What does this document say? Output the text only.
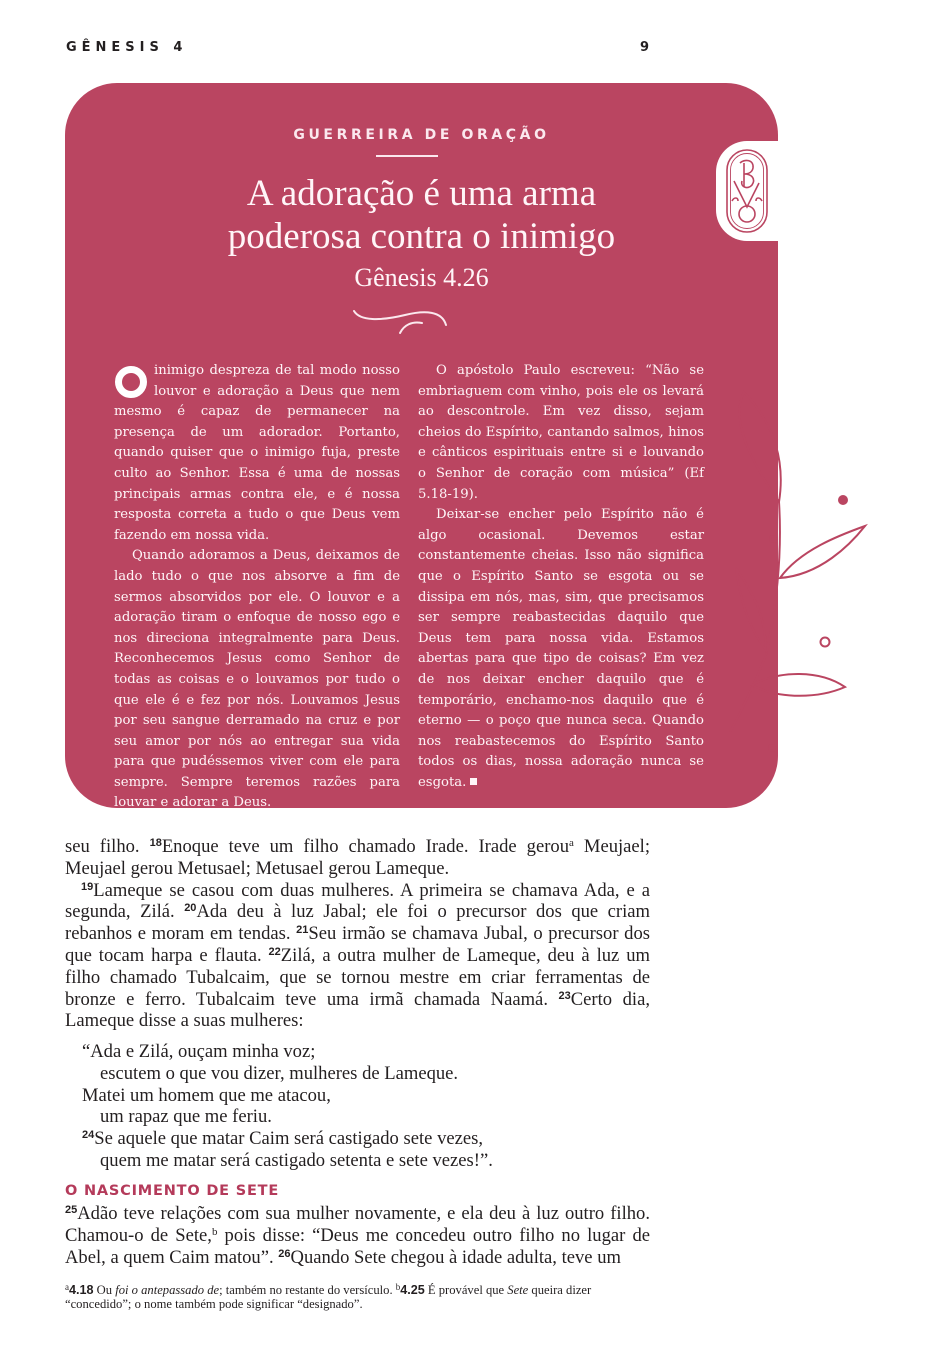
GÊNESIS 4	9
GUERREIRA DE ORAÇÃO
A adoração é uma arma
poderosa contra o inimigo
Gênesis 4.26

inimigo despreza de tal modo nosso louvor e adoração a Deus que nem mesmo é capaz de permanecer na presença de um adorador. Portanto, quando quiser que o inimigo fuja, preste culto ao Senhor. Essa é uma de nossas principais armas contra ele, e é nossa resposta correta a tudo o que Deus vem fazendo em nossa vida.

Quando adoramos a Deus, deixamos de lado tudo o que nos absorve a fim de sermos absorvidos por ele. O louvor e a adoração tiram o enfoque de nosso ego e nos direciona integralmente para Deus. Reconhecemos Jesus como Senhor de todas as coisas e o louvamos por tudo o que ele é e fez por nós. Louvamos Jesus por seu sangue derramado na cruz e por seu amor por nós ao entregar sua vida para que pudéssemos viver com ele para sempre. Sempre teremos razões para louvar e adorar a Deus.

O apóstolo Paulo escreveu: “Não se embriaguem com vinho, pois ele os levará ao descontrole. Em vez disso, sejam cheios do Espírito, cantando salmos, hinos e cânticos espirituais entre si e louvando o Senhor de coração com música” (Ef 5.18-19).

Deixar-se encher pelo Espírito não é algo ocasional. Devemos estar constantemente cheias. Isso não significa que o Espírito Santo se esgota ou se dissipa em nós, mas, sim, que precisamos ser sempre reabastecidas daquilo que Deus tem para nossa vida. Estamos abertas para que tipo de coisas? Em vez de nos deixar encher daquilo que é temporário, enchamo-nos daquilo que é eterno — o poço que nunca seca. Quando nos reabastecemos do Espírito Santo todos os dias, nossa adoração nunca se esgota.

seu filho. $^{18}$Enoque teve um filho chamado Irade. Irade gerou$^a$ Meujael; Meujael gerou Metusael; Metusael gerou Lameque.

$^{19}$Lameque se casou com duas mulheres. A primeira se chamava Ada, e a segunda, Zilá. $^{20}$Ada deu à luz Jabal; ele foi o precursor dos que criam rebanhos e moram em tendas. $^{21}$Seu irmão se chamava Jubal, o precursor dos que tocam harpa e flauta. $^{22}$Zilá, a outra mulher de Lameque, deu à luz um filho chamado Tubalcaim, que se tornou mestre em criar ferramentas de bronze e ferro. Tubalcaim teve uma irmã chamada Naamá. $^{23}$Certo dia, Lameque disse a suas mulheres:

“Ada e Zilá, ouçam minha voz;
escutem o que vou dizer, mulheres de Lameque.
Matei um homem que me atacou,
um rapaz que me feriu.
$^{24}$Se aquele que matar Caim será castigado sete vezes,
quem me matar será castigado setenta e sete vezes!”.
O NASCIMENTO DE SETE

$^{25}$Adão teve relações com sua mulher novamente, e ela deu à luz outro filho. Chamou-o de Sete,$^b$ pois disse: “Deus me concedeu outro filho no lugar de Abel, a quem Caim matou”. $^{26}$Quando Sete chegou à idade adulta, teve um

$^a$4.18 Ou foi o antepassado de; também no restante do versículo. $^b$4.25 É provável que Sete queira dizer “concedido”; o nome também pode significar “designado”.
